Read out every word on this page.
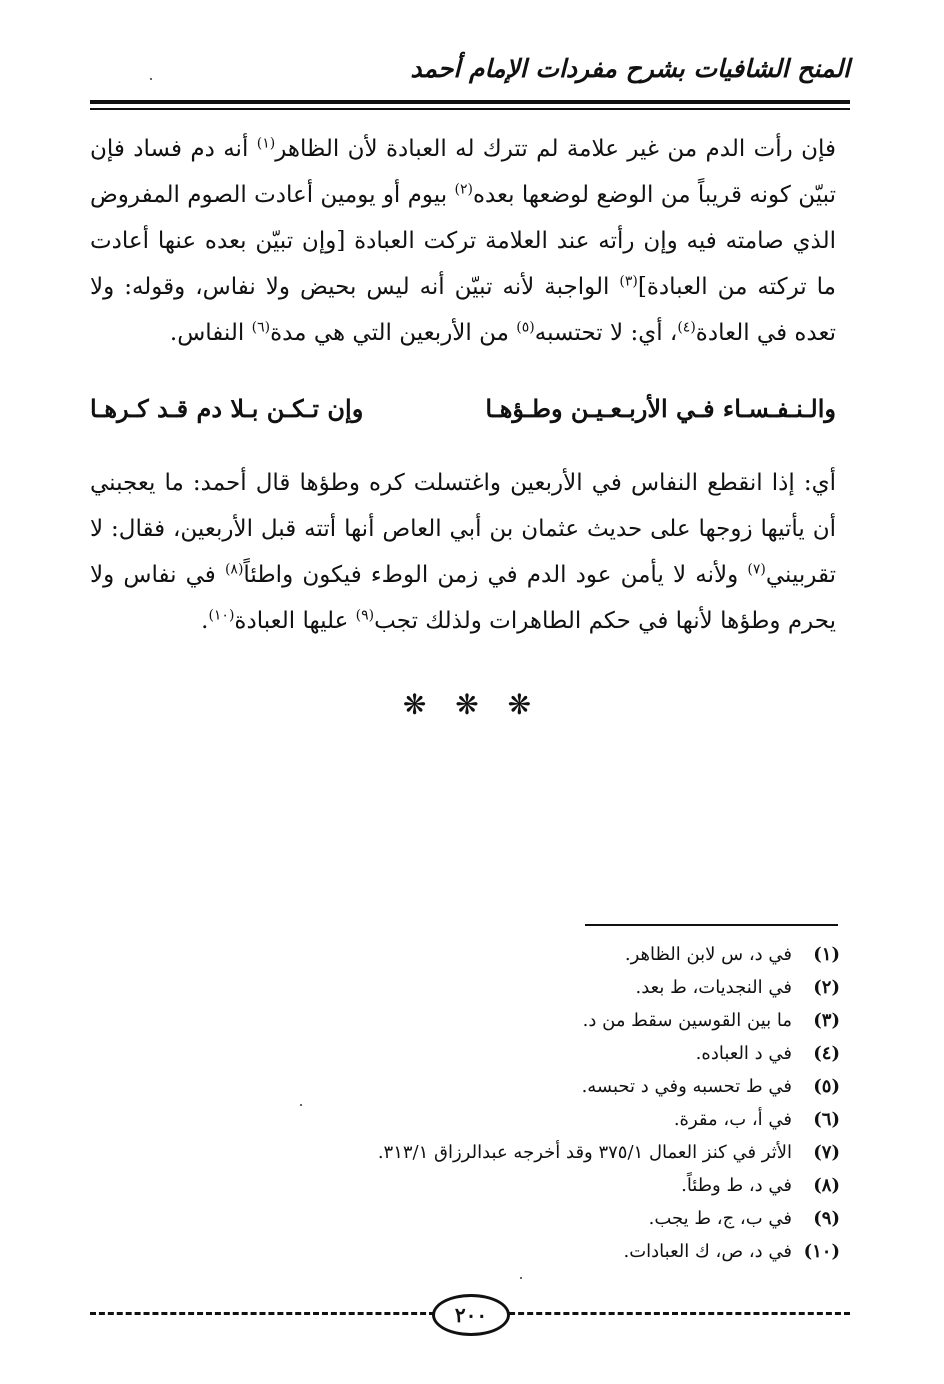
المنح الشافيات بشرح مفردات الإمام أحمد

فإن رأت الدم من غير علامة لم تترك له العبادة لأن الظاهر$^{(١)}$ أنه دم فساد فإن تبيّن كونه قريباً من الوضع لوضعها بعده$^{(٢)}$ بيوم أو يومين أعادت الصوم المفروض الذي صامته فيه وإن رأته عند العلامة تركت العبادة [وإن تبيّن بعده عنها أعادت ما تركته من العبادة]$^{(٣)}$ الواجبة لأنه تبيّن أنه ليس بحيض ولا نفاس، وقوله: ولا تعده في العادة$^{(٤)}$، أي: لا تحتسبه$^{(٥)}$ من الأربعين التي هي مدة$^{(٦)}$ النفاس.

والـنـفـسـاء فـي الأربـعـيـن وطـؤهـا
وإن تـكـن بـلا دم قـد كـرهـا

أي: إذا انقطع النفاس في الأربعين واغتسلت كره وطؤها قال أحمد: ما يعجبني أن يأتيها زوجها على حديث عثمان بن أبي العاص أنها أتته قبل الأربعين، فقال: لا تقربيني$^{(٧)}$ ولأنه لا يأمن عود الدم في زمن الوطء فيكون واطئاً$^{(٨)}$ في نفاس ولا يحرم وطؤها لأنها في حكم الطاهرات ولذلك تجب$^{(٩)}$ عليها العبادة$^{(١٠)}$.

❋ ❋ ❋
(١)
في د، س لابن الظاهر.
(٢)
في النجديات، ط بعد.
(٣)
ما بين القوسين سقط من د.
(٤)
في د العباده.
(٥)
في ط تحسبه وفي د تحبسه.
(٦)
في أ، ب، مقرة.
(٧)
الأثر في كنز العمال ٣٧٥/١ وقد أخرجه عبدالرزاق ٣١٣/١.
(٨)
في د، ط وطئاً.
(٩)
في ب، ج، ط يجب.
(١٠)
في د، ص، ك العبادات.
٢٠٠
